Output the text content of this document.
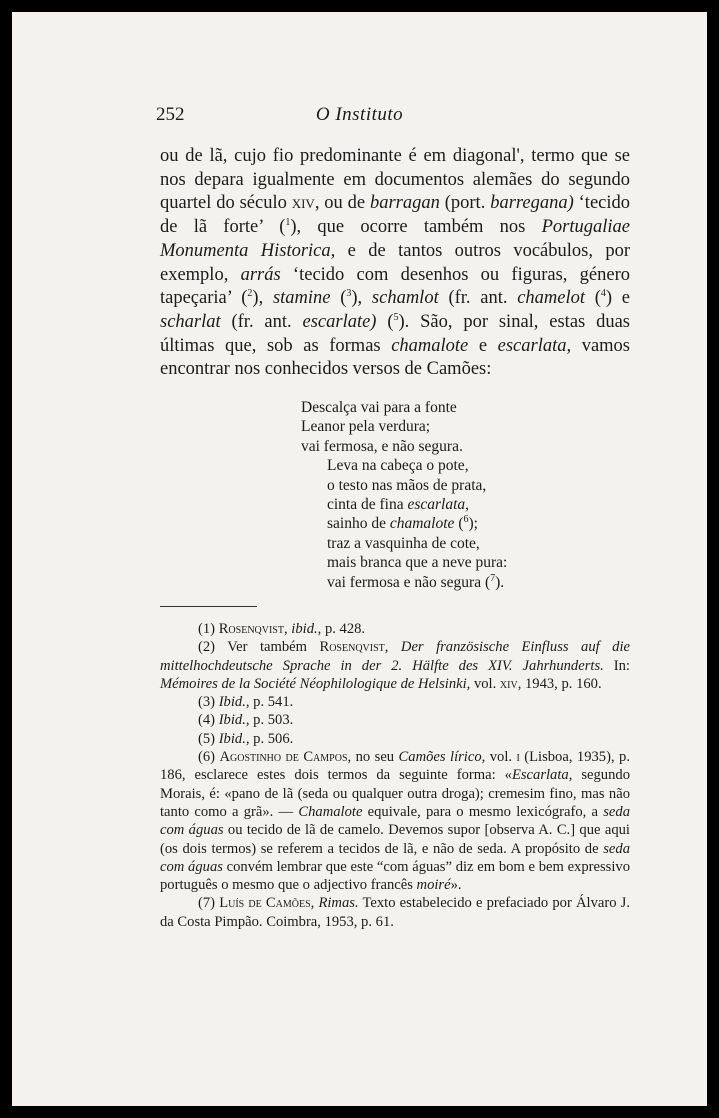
252	O Instituto

ou de lã, cujo fio predominante é em diagonal', termo que se nos depara igualmente em documentos alemães do segundo quartel do século xiv, ou de barragan (port. barregana) ‘tecido de lã forte’ ($^1$), que ocorre também nos Portugaliae Monumenta Historica, e de tantos outros vocábulos, por exemplo, arrás ‘tecido com desenhos ou figuras, género tapeçaria’ ($^2$), stamine ($^3$), schamlot (fr. ant. chamelot ($^4$) e scharlat (fr. ant. escarlate) ($^5$). São, por sinal, estas duas últimas que, sob as formas chamalote e escarlata, vamos encontrar nos conhecidos versos de Camões:

Descalça vai para a fonte
Leanor pela verdura;
vai fermosa, e não segura.
Leva na cabeça o pote,
o testo nas mãos de prata,
cinta de fina escarlata,
sainho de chamalote ($^6$);
traz a vasquinha de cote,
mais branca que a neve pura:
vai fermosa e não segura ($^7$).

(1) Rosenqvist, ibid., p. 428.

(2) Ver também Rosenqvist, Der französische Einfluss auf die mittelhochdeutsche Sprache in der 2. Hälfte des XIV. Jahrhunderts. In: Mémoires de la Société Néophilologique de Helsinki, vol. xiv, 1943, p. 160.

(3) Ibid., p. 541.

(4) Ibid., p. 503.

(5) Ibid., p. 506.

(6) Agostinho de Campos, no seu Camões lírico, vol. i (Lisboa, 1935), p. 186, esclarece estes dois termos da seguinte forma: «Escarlata, segundo Morais, é: «pano de lã (seda ou qualquer outra droga); cremesim fino, mas não tanto como a grã». — Chamalote equivale, para o mesmo lexicógrafo, a seda com águas ou tecido de lã de camelo. Devemos supor [observa A. C.] que aqui (os dois termos) se referem a tecidos de lã, e não de seda. A propósito de seda com águas convém lembrar que este “com águas” diz em bom e bem expressivo português o mesmo que o adjectivo francês moiré».

(7) Luís de Camões, Rimas. Texto estabelecido e prefaciado por Álvaro J. da Costa Pimpão. Coimbra, 1953, p. 61.
